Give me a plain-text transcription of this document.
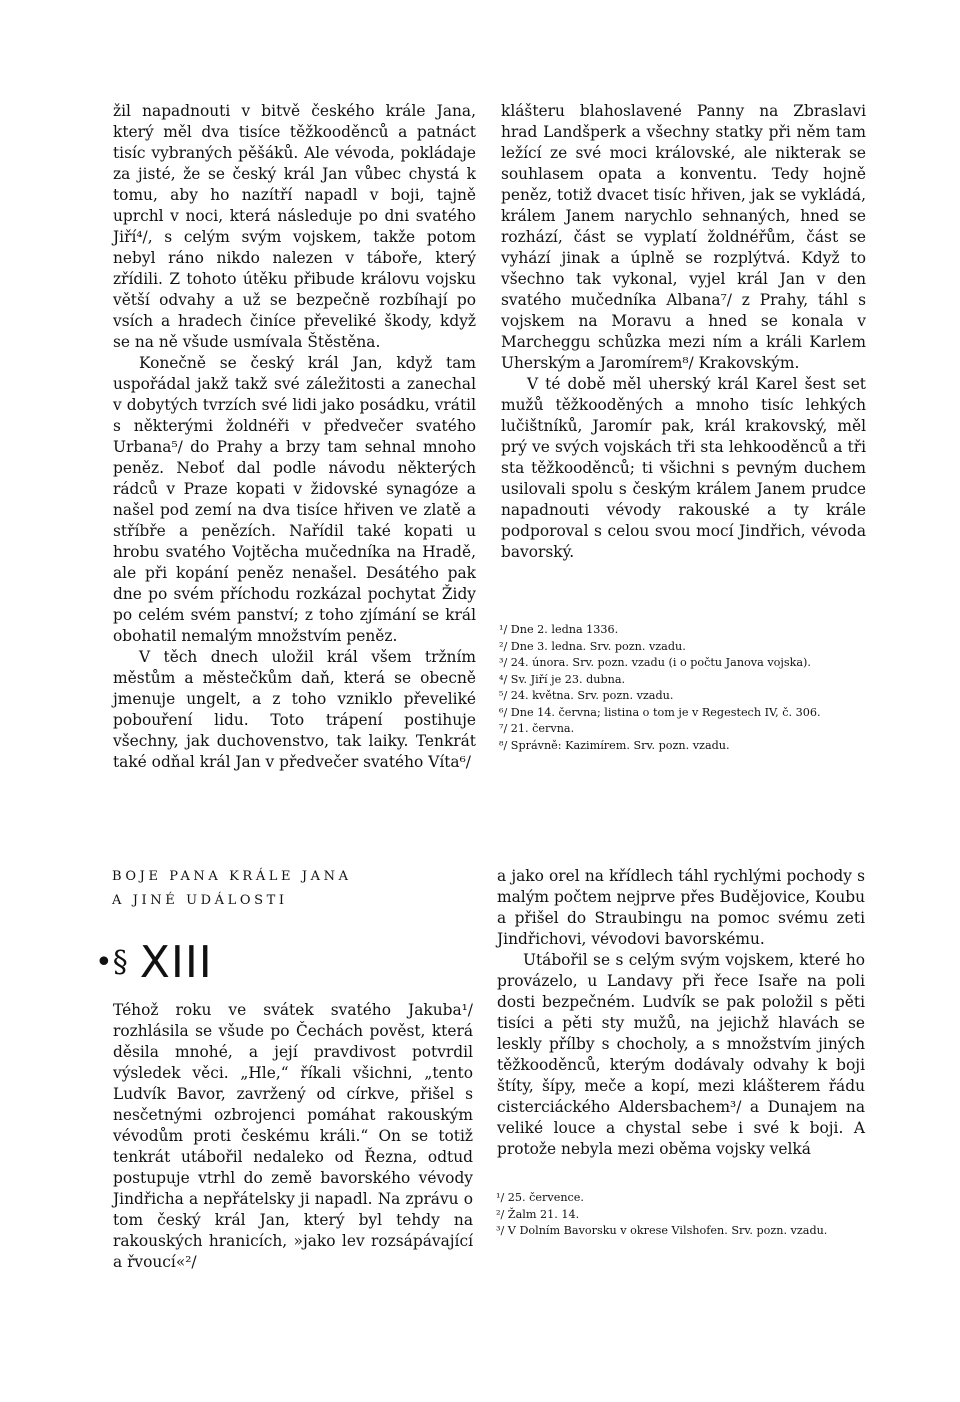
žil napadnouti v bitvě českého krále Jana, který měl dva tisíce těžkooděnců a patnáct tisíc vybraných pěšáků. Ale vévoda, pokládaje za jisté, že se český král Jan vůbec chystá k tomu, aby ho nazítří napadl v boji, tajně uprchl v noci, která následuje po dni svatého Jiří⁴/, s celým svým vojskem, takže potom nebyl ráno nikdo nalezen v táboře, který zřídili. Z tohoto útěku přibude královu vojsku větší odvahy a už se bezpečně rozbíhají po vsích a hradech činíce převeliké škody, když se na ně všude usmívala Štěstěna.

Konečně se český král Jan, když tam uspořádal jakž takž své záležitosti a zanechal v dobytých tvrzích své lidi jako posádku, vrátil s některými žoldnéři v předvečer svatého Urbana⁵/ do Prahy a brzy tam sehnal mnoho peněz. Neboť dal podle návodu některých rádců v Praze kopati v židovské synagóze a našel pod zemí na dva tisíce hřiven ve zlatě a stříbře a penězích. Nařídil také kopati u hrobu svatého Vojtěcha mučedníka na Hradě, ale při kopání peněz nenašel. Desátého pak dne po svém příchodu rozkázal pochytat Židy po celém svém panství; z toho zjímání se král obohatil nemalým množstvím peněz.

V těch dnech uložil král všem tržním městům a městečkům daň, která se obecně jmenuje ungelt, a z toho vzniklo převeliké pobouření lidu. Toto trápení postihuje všechny, jak duchovenstvo, tak laiky. Tenkrát také odňal král Jan v předvečer svatého Víta⁶/

klášteru blahoslavené Panny na Zbraslavi hrad Landšperk a všechny statky při něm tam ležící ze své moci královské, ale nikterak se souhlasem opata a konventu. Tedy hojně peněz, totiž dvacet tisíc hřiven, jak se vykládá, králem Janem narychlo sehnaných, hned se rozhází, část se vyplatí žoldnéřům, část se vyhází jinak a úplně se rozplýtvá. Když to všechno tak vykonal, vyjel král Jan v den svatého mučedníka Albana⁷/ z Prahy, táhl s vojskem na Moravu a hned se konala v Marcheggu schůzka mezi ním a králi Karlem Uherským a Jaromírem⁸/ Krakovským.

V té době měl uherský král Karel šest set mužů těžkooděných a mnoho tisíc lehkých lučištníků, Jaromír pak, král krakovský, měl prý ve svých vojskách tři sta lehkooděnců a tři sta těžkooděnců; ti všichni s pevným duchem usilovali spolu s českým králem Janem prudce napadnouti vévody rakouské a ty krále podporoval s celou svou mocí Jindřich, vévoda bavorský.

¹/ Dne 2. ledna 1336.
²/ Dne 3. ledna. Srv. pozn. vzadu.
³/ 24. února. Srv. pozn. vzadu (i o počtu Janova vojska).
⁴/ Sv. Jiří je 23. dubna.
⁵/ 24. května. Srv. pozn. vzadu.
⁶/ Dne 14. června; listina o tom je v Regestech IV, č. 306.
⁷/ 21. června.
⁸/ Správně: Kazimírem. Srv. pozn. vzadu.
BOJE PANA KRÁLE JANA
A JINÉ UDÁLOSTI
•§ XIII

Téhož roku ve svátek svatého Jakuba¹/ rozhlásila se všude po Čechách pověst, která děsila mnohé, a její pravdivost potvrdil výsledek věci. „Hle,“ říkali všichni, „tento Ludvík Bavor, zavržený od církve, přišel s nesčetnými ozbrojenci pomáhat rakouským vévodům proti českému králi.“ On se totiž tenkrát utábořil nedaleko od Řezna, odtud postupuje vtrhl do země bavorského vévody Jindřicha a nepřátelsky ji napadl. Na zprávu o tom český král Jan, který byl tehdy na rakouských hranicích, »jako lev rozsápávající a řvoucí«²/

a jako orel na křídlech táhl rychlými pochody s malým počtem nejprve přes Budějovice, Koubu a přišel do Straubingu na pomoc svému zeti Jindřichovi, vévodovi bavorskému.

Utábořil se s celým svým vojskem, které ho provázelo, u Landavy při řece Isaře na poli dosti bezpečném. Ludvík se pak položil s pěti tisíci a pěti sty mužů, na jejichž hlavách se leskly přílby s chocholy, a s množstvím jiných těžkooděnců, kterým dodávaly odvahy k boji štíty, šípy, meče a kopí, mezi klášterem řádu cisterciáckého Aldersbachem³/ a Dunajem na veliké louce a chystal sebe i své k boji. A protože nebyla mezi oběma vojsky velká

¹/ 25. července.
²/ Žalm 21. 14.
³/ V Dolním Bavorsku v okrese Vilshofen. Srv. pozn. vzadu.
